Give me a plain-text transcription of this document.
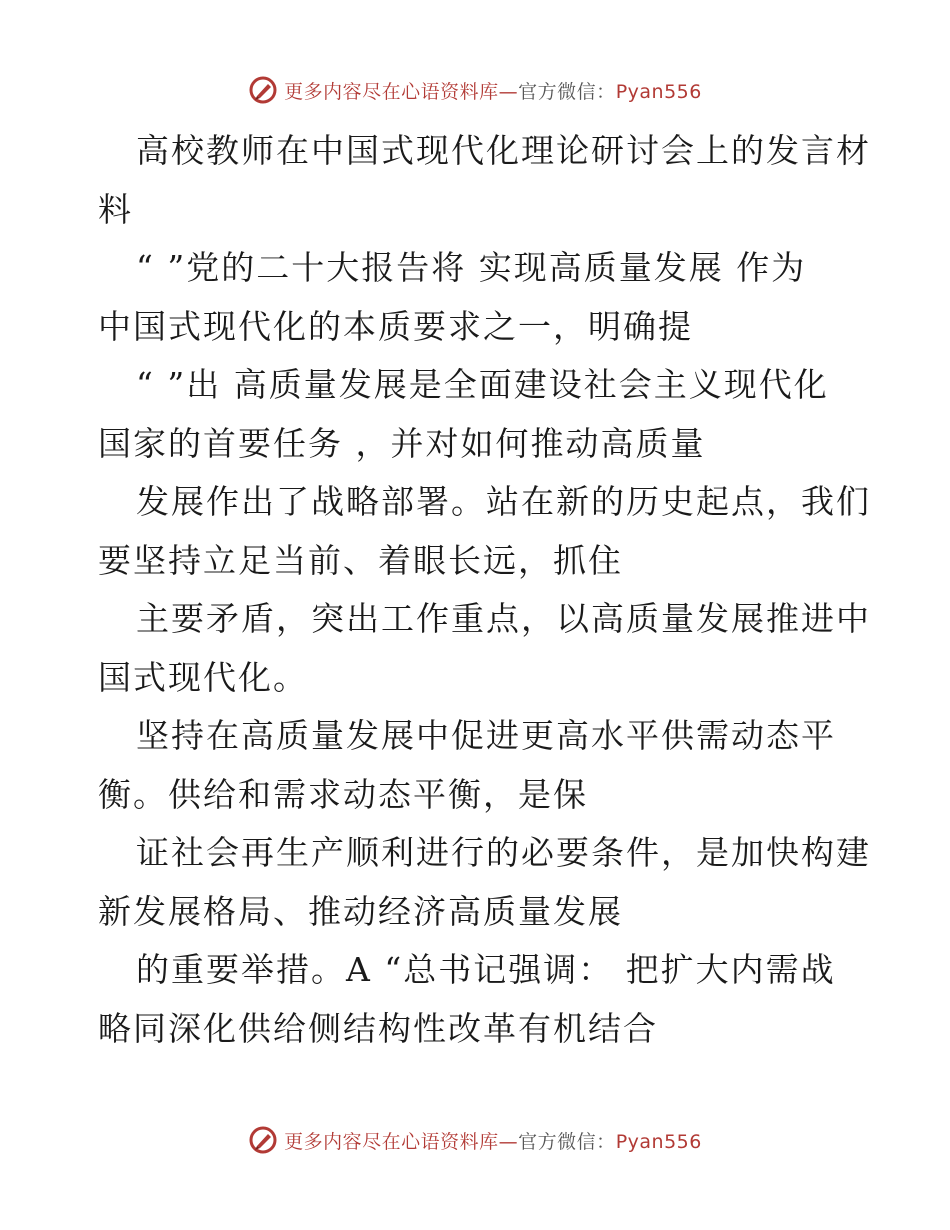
更多内容尽在心语资料库—官方微信：Pyan556
高校教师在中国式现代化理论研讨会上的发言材
料
“ ”党的二十大报告将 实现高质量发展 作为
中国式现代化的本质要求之一，明确提
“ ”出 高质量发展是全面建设社会主义现代化
国家的首要任务 ，并对如何推动高质量
发展作出了战略部署。站在新的历史起点，我们
要坚持立足当前、着眼长远，抓住
主要矛盾，突出工作重点，以高质量发展推进中
国式现代化。
坚持在高质量发展中促进更高水平供需动态平
衡。供给和需求动态平衡，是保
证社会再生产顺利进行的必要条件，是加快构建
新发展格局、推动经济高质量发展
的重要举措。A “总书记强调： 把扩大内需战
略同深化供给侧结构性改革有机结合
更多内容尽在心语资料库—官方微信：Pyan556
